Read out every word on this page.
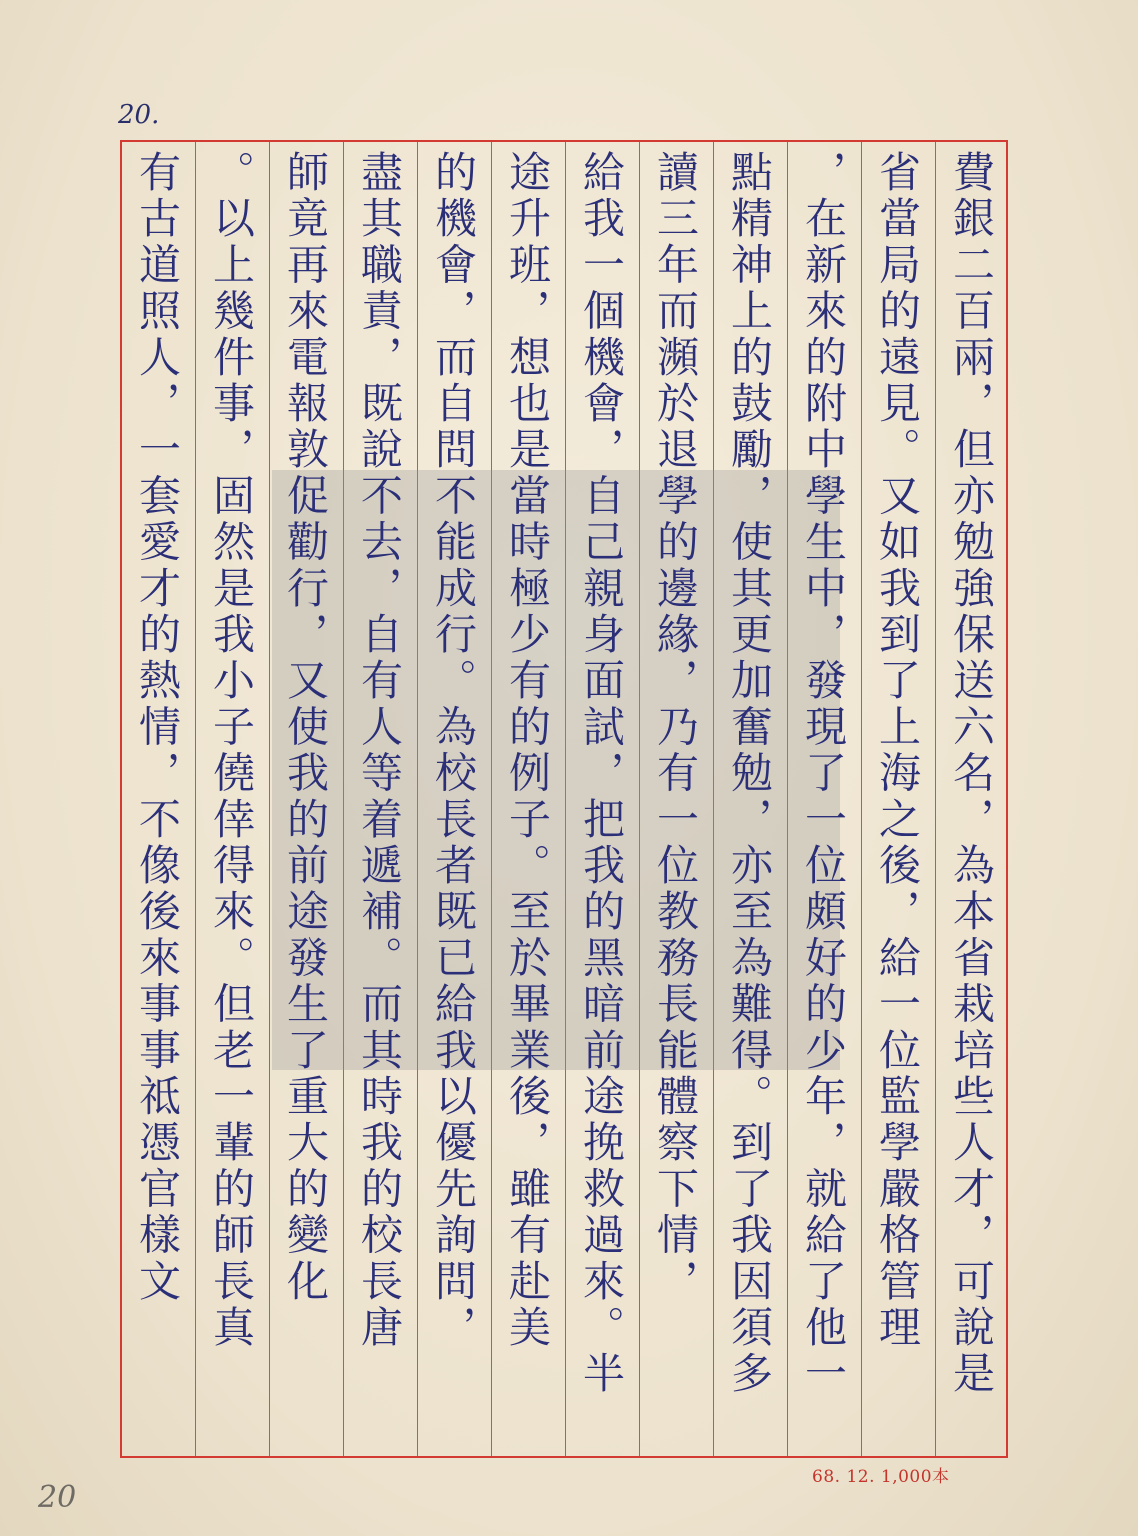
20.
費銀二百兩，但亦勉強保送六名，為本省栽培些人才，可說是
省當局的遠見。又如我到了上海之後，給一位監學嚴格管理
，在新來的附中學生中，發現了一位頗好的少年，就給了他一
點精神上的鼓勵，使其更加奮勉，亦至為難得。到了我因須多
讀三年而瀕於退學的邊緣，乃有一位教務長能體察下情，
給我一個機會，自己親身面試，把我的黑暗前途挽救過來。半
途升班，想也是當時極少有的例子。至於畢業後，雖有赴美
的機會，而自問不能成行。為校長者既已給我以優先詢問，
盡其職責，既說不去，自有人等着遞補。而其時我的校長唐
師竟再來電報敦促勸行，又使我的前途發生了重大的變化
。以上幾件事，固然是我小子僥倖得來。但老一輩的師長真
有古道照人，一套愛才的熱情，不像後來事事祗憑官樣文
68. 12. 1,000本
20
